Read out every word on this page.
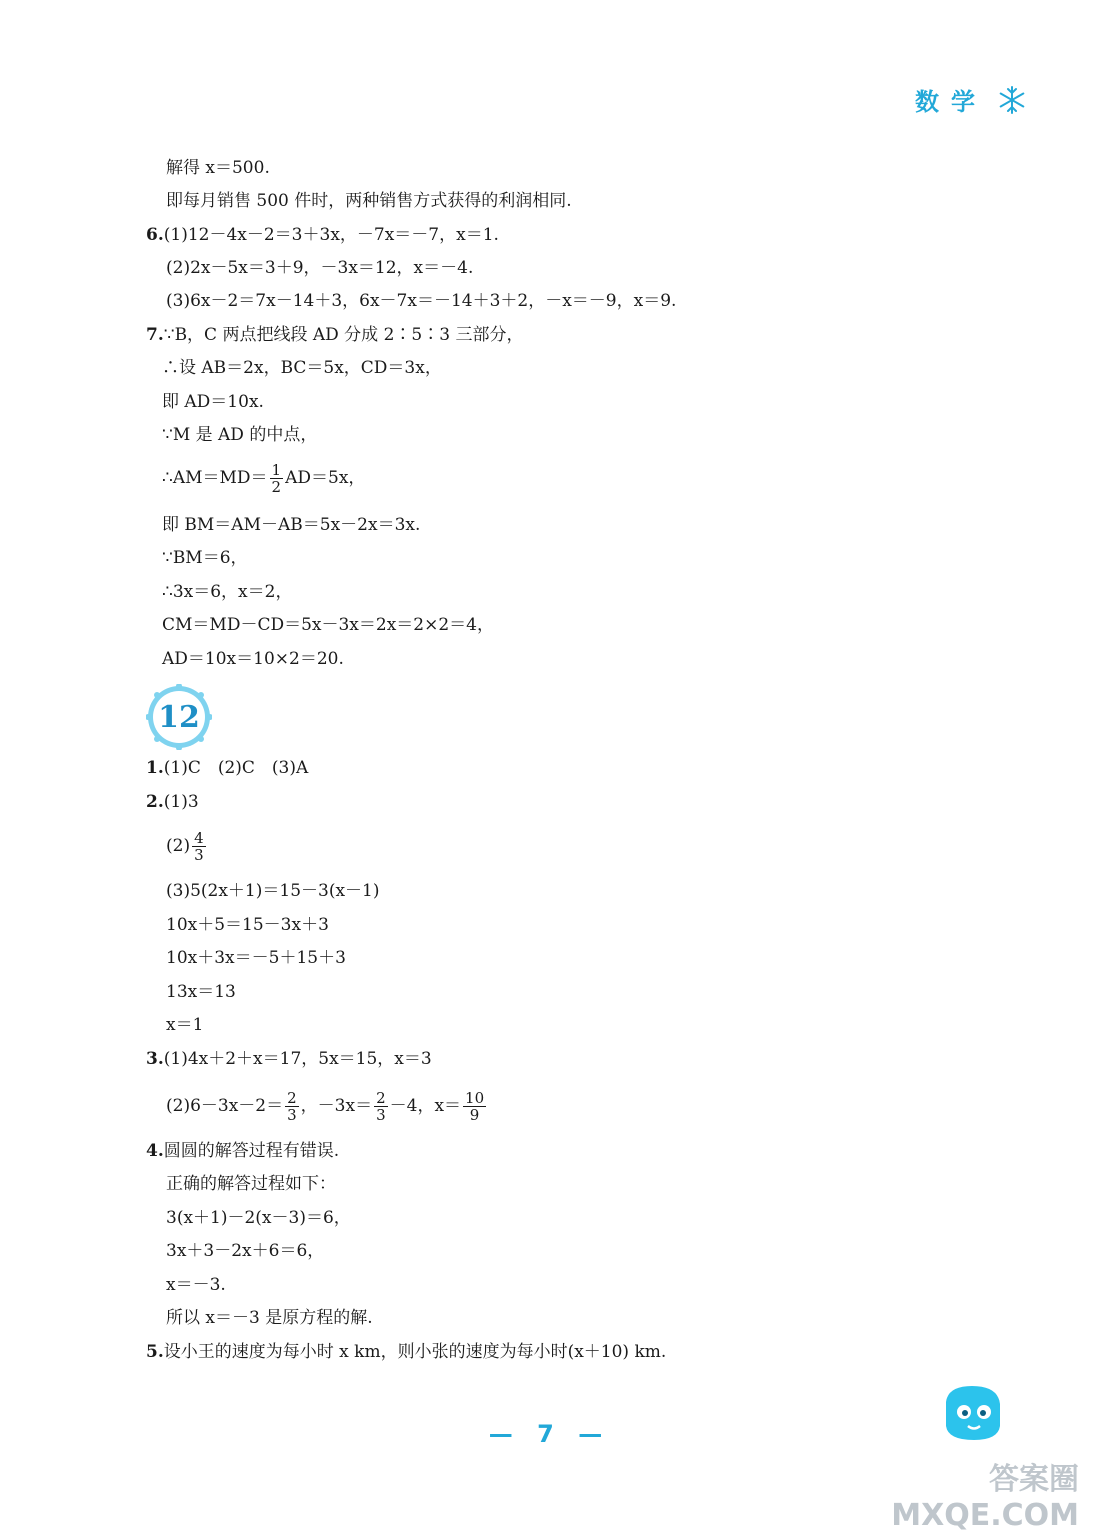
数学
解得 x＝500.
即每月销售 500 件时，两种销售方式获得的利润相同.
6.(1)12－4x－2＝3＋3x，－7x＝－7，x＝1.
(2)2x－5x＝3＋9，－3x＝12，x＝－4.
(3)6x－2＝7x－14＋3，6x－7x＝－14＋3＋2，－x＝－9，x＝9.
7.∵B，C 两点把线段 AD 分成 2∶5∶3 三部分，
∴设 AB＝2x，BC＝5x，CD＝3x，
即 AD＝10x.
∵M 是 AD 的中点，
∴AM＝MD＝ $\frac{1}{2} AD=5x$，
即 BM＝AM－AB＝5x－2x＝3x.
∵BM＝6，
∴3x＝6，x＝2，
CM＝MD－CD＝5x－3x＝2x＝2×2＝4，
AD＝10x＝10×2＝20.
12
1.(1)C　(2)C　(3)A
2.(1)3
$(2) \frac{4}{3}$
(3)5(2x＋1)＝15－3(x－1)
10x＋5＝15－3x＋3
10x＋3x＝－5＋15＋3
13x＝13
x＝1
3.(1)4x＋2＋x＝17，5x＝15，x＝3
$(2)6-3x-2= \frac{2}{3}$ ，$-3x= \frac{2}{3} -4$，$x= \frac{10}{9}$
4.圆圆的解答过程有错误.
正确的解答过程如下：
3(x＋1)－2(x－3)＝6，
3x＋3－2x＋6＝6，
x＝－3.
所以 x＝－3 是原方程的解.
5.设小王的速度为每小时 x km，则小张的速度为每小时(x＋10) km.
— 7 —
答案圈
MXQE.COM
